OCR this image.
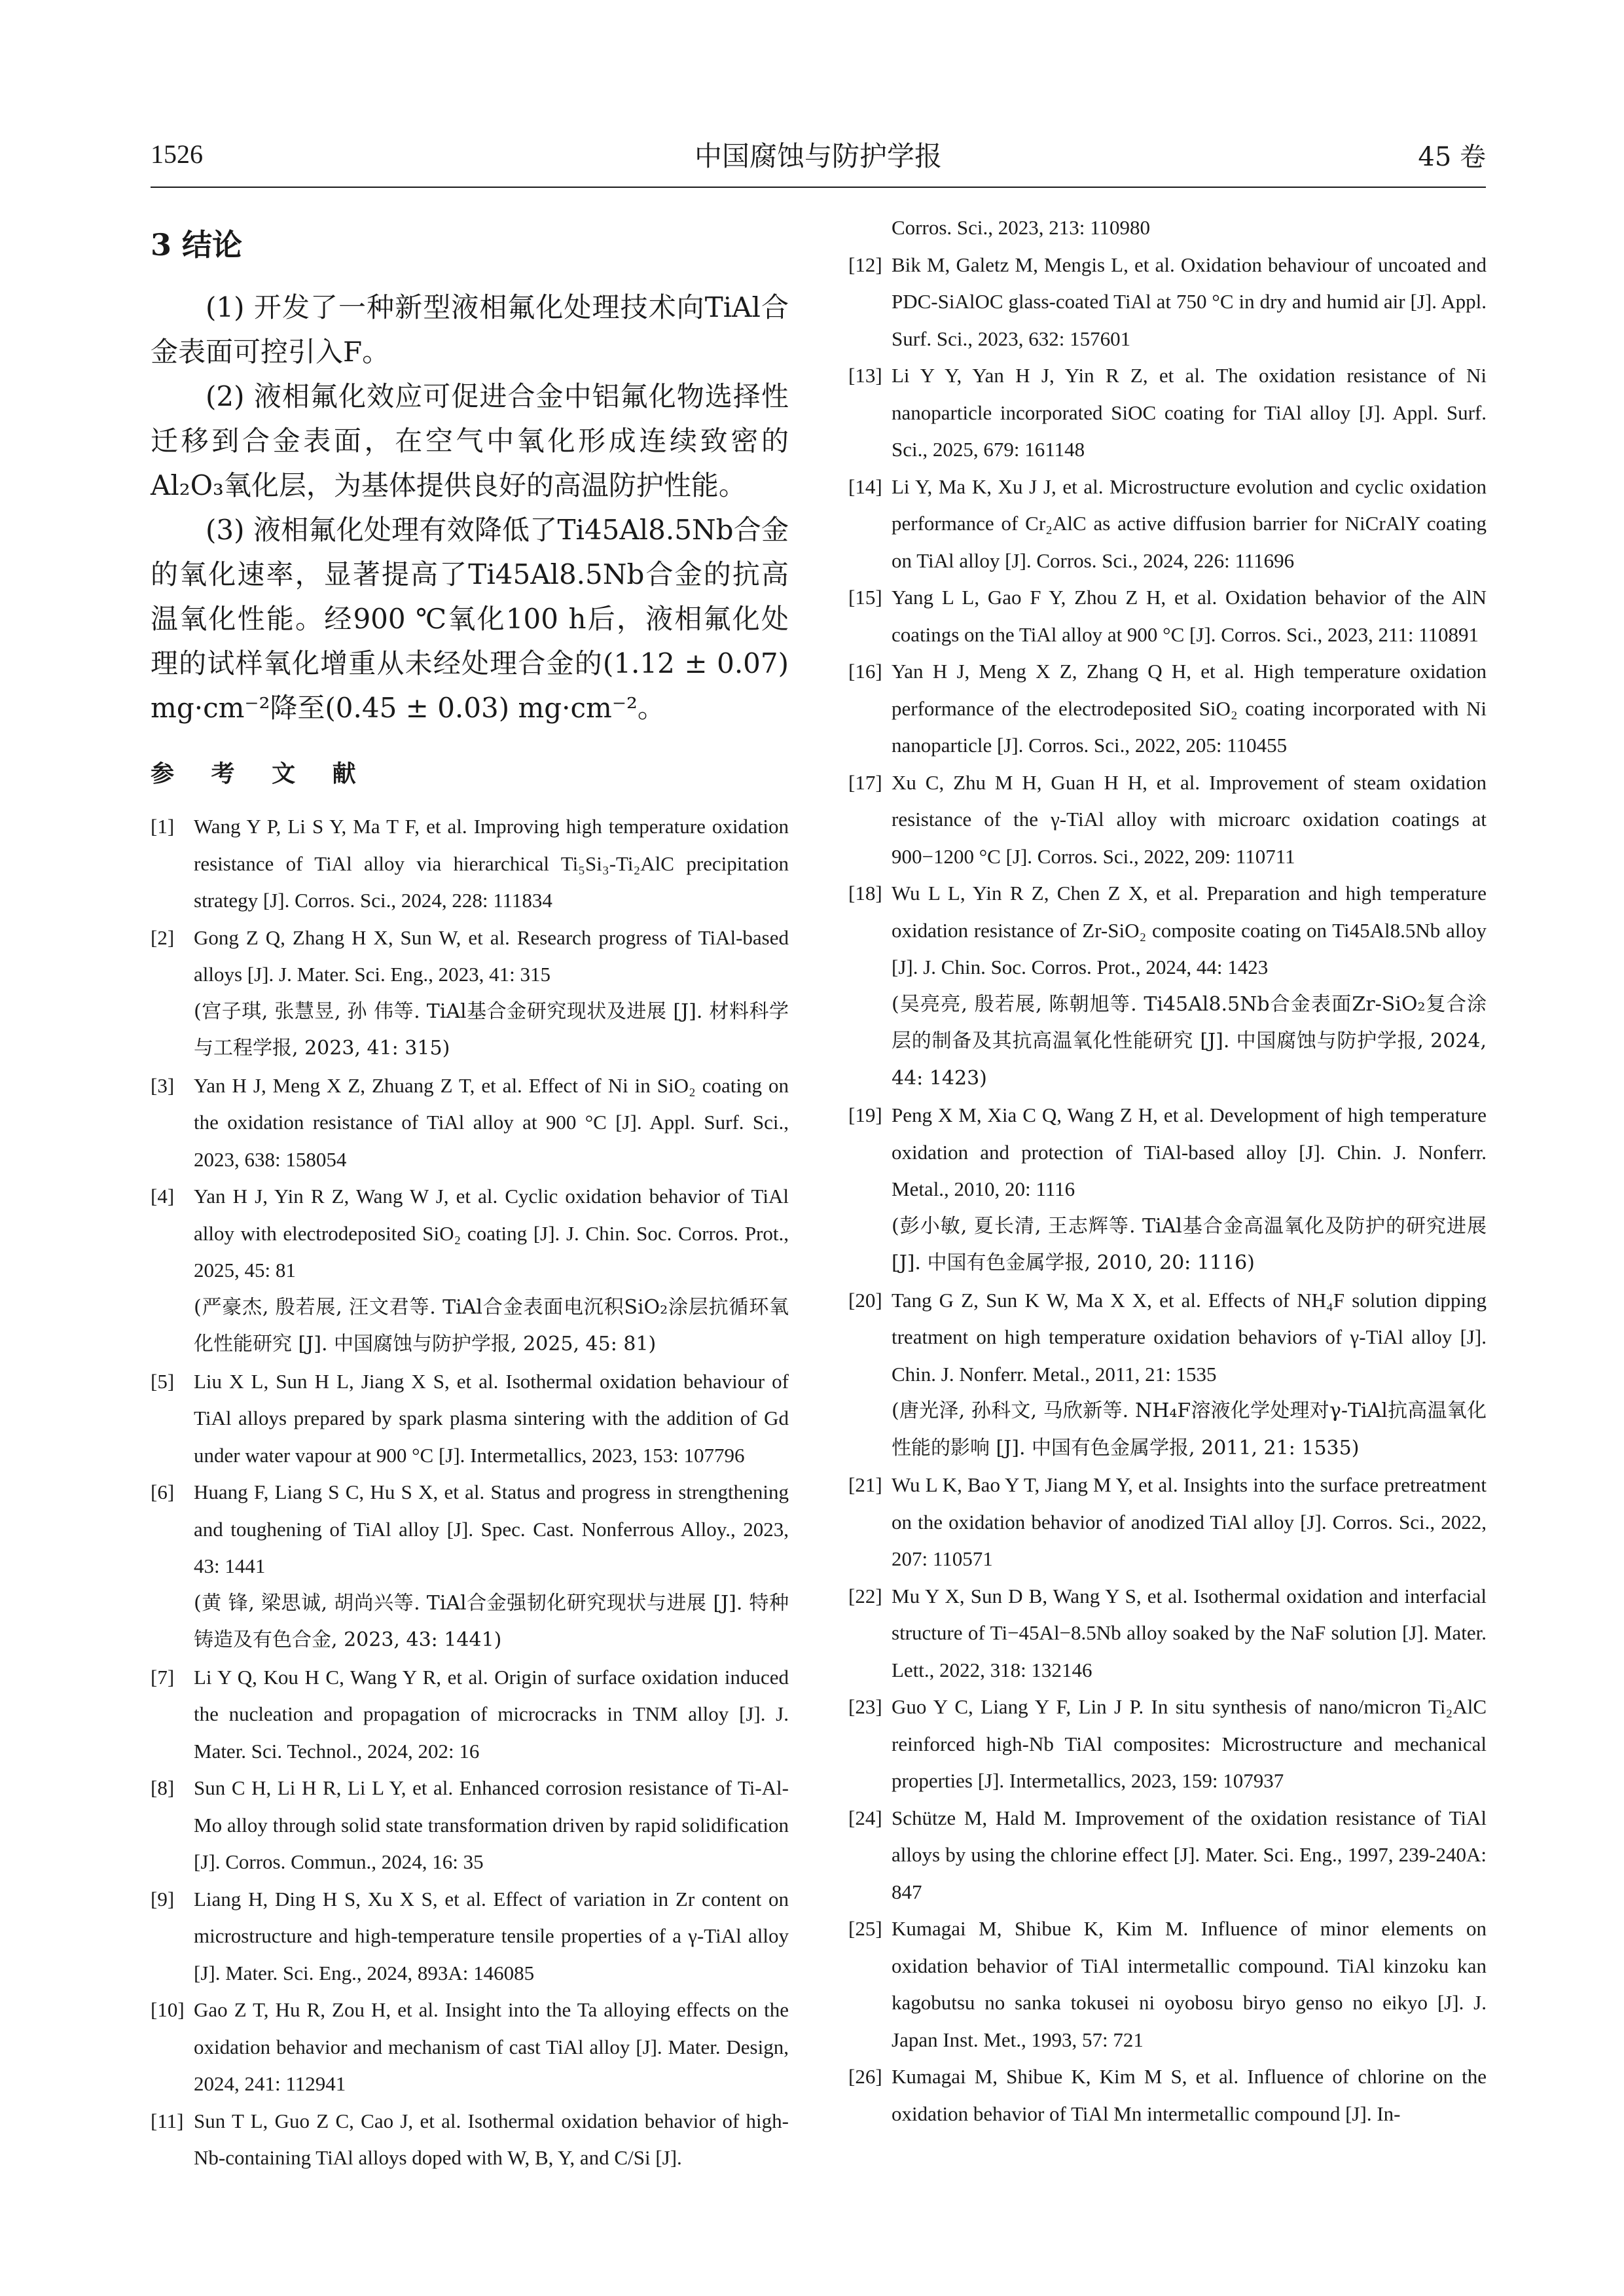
1526	中国腐蚀与防护学报	45 卷
3 结论

(1) 开发了一种新型液相氟化处理技术向TiAl合金表面可控引入F。

(2) 液相氟化效应可促进合金中铝氟化物选择性迁移到合金表面，在空气中氧化形成连续致密的Al₂O₃氧化层，为基体提供良好的高温防护性能。

(3) 液相氟化处理有效降低了Ti45Al8.5Nb合金的氧化速率，显著提高了Ti45Al8.5Nb合金的抗高温氧化性能。经900 ℃氧化100 h后，液相氟化处理的试样氧化增重从未经处理合金的(1.12 ± 0.07) mg·cm⁻²降至(0.45 ± 0.03) mg·cm⁻²。

参 考 文 献
[1] Wang Y P, Li S Y, Ma T F, et al. Improving high temperature oxidation resistance of TiAl alloy via hierarchical Ti₅Si₃-Ti₂AlC precipitation strategy [J]. Corros. Sci., 2024, 228: 111834
[2] Gong Z Q, Zhang H X, Sun W, et al. Research progress of TiAl-based alloys [J]. J. Mater. Sci. Eng., 2023, 41: 315
(宫子琪, 张慧昱, 孙 伟等. TiAl基合金研究现状及进展 [J]. 材料科学与工程学报, 2023, 41: 315)
[3] Yan H J, Meng X Z, Zhuang Z T, et al. Effect of Ni in SiO₂ coating on the oxidation resistance of TiAl alloy at 900 °C [J]. Appl. Surf. Sci., 2023, 638: 158054
[4] Yan H J, Yin R Z, Wang W J, et al. Cyclic oxidation behavior of TiAl alloy with electrodeposited SiO₂ coating [J]. J. Chin. Soc. Corros. Prot., 2025, 45: 81
(严豪杰, 殷若展, 汪文君等. TiAl合金表面电沉积SiO₂涂层抗循环氧化性能研究 [J]. 中国腐蚀与防护学报, 2025, 45: 81)
[5] Liu X L, Sun H L, Jiang X S, et al. Isothermal oxidation behaviour of TiAl alloys prepared by spark plasma sintering with the addition of Gd under water vapour at 900 °C [J]. Intermetallics, 2023, 153: 107796
[6] Huang F, Liang S C, Hu S X, et al. Status and progress in strengthening and toughening of TiAl alloy [J]. Spec. Cast. Nonferrous Alloy., 2023, 43: 1441
(黄 锋, 梁思诚, 胡尚兴等. TiAl合金强韧化研究现状与进展 [J]. 特种铸造及有色合金, 2023, 43: 1441)
[7] Li Y Q, Kou H C, Wang Y R, et al. Origin of surface oxidation induced the nucleation and propagation of microcracks in TNM alloy [J]. J. Mater. Sci. Technol., 2024, 202: 16
[8] Sun C H, Li H R, Li L Y, et al. Enhanced corrosion resistance of Ti-Al-Mo alloy through solid state transformation driven by rapid solidification [J]. Corros. Commun., 2024, 16: 35
[9] Liang H, Ding H S, Xu X S, et al. Effect of variation in Zr content on microstructure and high-temperature tensile properties of a γ-TiAl alloy [J]. Mater. Sci. Eng., 2024, 893A: 146085
[10] Gao Z T, Hu R, Zou H, et al. Insight into the Ta alloying effects on the oxidation behavior and mechanism of cast TiAl alloy [J]. Mater. Design, 2024, 241: 112941
[11] Sun T L, Guo Z C, Cao J, et al. Isothermal oxidation behavior of high-Nb-containing TiAl alloys doped with W, B, Y, and C/Si [J].
Corros. Sci., 2023, 213: 110980
[12] Bik M, Galetz M, Mengis L, et al. Oxidation behaviour of uncoated and PDC-SiAlOC glass-coated TiAl at 750 °C in dry and humid air [J]. Appl. Surf. Sci., 2023, 632: 157601
[13] Li Y Y, Yan H J, Yin R Z, et al. The oxidation resistance of Ni nanoparticle incorporated SiOC coating for TiAl alloy [J]. Appl. Surf. Sci., 2025, 679: 161148
[14] Li Y, Ma K, Xu J J, et al. Microstructure evolution and cyclic oxidation performance of Cr₂AlC as active diffusion barrier for NiCrAlY coating on TiAl alloy [J]. Corros. Sci., 2024, 226: 111696
[15] Yang L L, Gao F Y, Zhou Z H, et al. Oxidation behavior of the AlN coatings on the TiAl alloy at 900 °C [J]. Corros. Sci., 2023, 211: 110891
[16] Yan H J, Meng X Z, Zhang Q H, et al. High temperature oxidation performance of the electrodeposited SiO₂ coating incorporated with Ni nanoparticle [J]. Corros. Sci., 2022, 205: 110455
[17] Xu C, Zhu M H, Guan H H, et al. Improvement of steam oxidation resistance of the γ-TiAl alloy with microarc oxidation coatings at 900−1200 °C [J]. Corros. Sci., 2022, 209: 110711
[18] Wu L L, Yin R Z, Chen Z X, et al. Preparation and high temperature oxidation resistance of Zr-SiO₂ composite coating on Ti45Al8.5Nb alloy [J]. J. Chin. Soc. Corros. Prot., 2024, 44: 1423
(吴亮亮, 殷若展, 陈朝旭等. Ti45Al8.5Nb合金表面Zr-SiO₂复合涂层的制备及其抗高温氧化性能研究 [J]. 中国腐蚀与防护学报, 2024, 44: 1423)
[19] Peng X M, Xia C Q, Wang Z H, et al. Development of high temperature oxidation and protection of TiAl-based alloy [J]. Chin. J. Nonferr. Metal., 2010, 20: 1116
(彭小敏, 夏长清, 王志辉等. TiAl基合金高温氧化及防护的研究进展 [J]. 中国有色金属学报, 2010, 20: 1116)
[20] Tang G Z, Sun K W, Ma X X, et al. Effects of NH₄F solution dipping treatment on high temperature oxidation behaviors of γ-TiAl alloy [J]. Chin. J. Nonferr. Metal., 2011, 21: 1535
(唐光泽, 孙科文, 马欣新等. NH₄F溶液化学处理对γ-TiAl抗高温氧化性能的影响 [J]. 中国有色金属学报, 2011, 21: 1535)
[21] Wu L K, Bao Y T, Jiang M Y, et al. Insights into the surface pretreatment on the oxidation behavior of anodized TiAl alloy [J]. Corros. Sci., 2022, 207: 110571
[22] Mu Y X, Sun D B, Wang Y S, et al. Isothermal oxidation and interfacial structure of Ti−45Al−8.5Nb alloy soaked by the NaF solution [J]. Mater. Lett., 2022, 318: 132146
[23] Guo Y C, Liang Y F, Lin J P. In situ synthesis of nano/micron Ti₂AlC reinforced high-Nb TiAl composites: Microstructure and mechanical properties [J]. Intermetallics, 2023, 159: 107937
[24] Schütze M, Hald M. Improvement of the oxidation resistance of TiAl alloys by using the chlorine effect [J]. Mater. Sci. Eng., 1997, 239-240A: 847
[25] Kumagai M, Shibue K, Kim M. Influence of minor elements on oxidation behavior of TiAl intermetallic compound. TiAl kinzoku kan kagobutsu no sanka tokusei ni oyobosu biryo genso no eikyo [J]. J. Japan Inst. Met., 1993, 57: 721
[26] Kumagai M, Shibue K, Kim M S, et al. Influence of chlorine on the oxidation behavior of TiAl Mn intermetallic compound [J]. In-
